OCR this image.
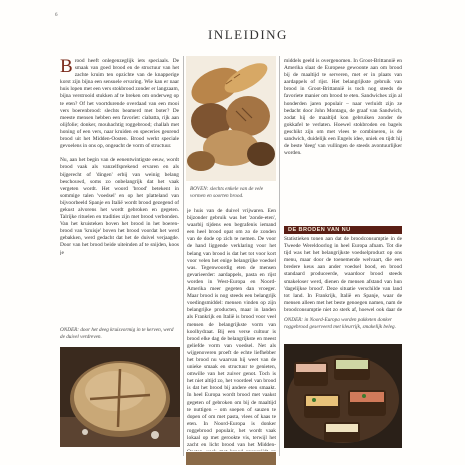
6
INLEIDING
B rood heeft onlegenzeglijk iets speciaals. De smaak van goed brood en de structuur van het zachte kruim ten opzichte van de knapperige korst zijn bijna een sensuele ervaring. Wie kan er naar huis lopen met een vers stokbrood zonder er langzaam, bijna verstrooid stukken af te breken om onderweg op te eten? Of het voortdurende overdaad van een mooi vers boerenbrood: slechts beamerd met boter? De meeste mensen hebben een favoriet: ciabatta, rijk aan olijfolie; donker, mouhachtig roggebrood; challah met honing of een vers, naar kruiden en speceries geurend brood uit het Midden-Oosten. Brood werkt speciale gevoelens in ons op, ongeacht de vorm of structuur.

Nu, aan het begin van de eenentwintigste eeuw, wordt brood vaak als vanzelfsprekend ervaren en als bijgerecht of 'dingen' erbij van weinig belang beschouwd, soms zo onbelangrijk dat het vaak vergeten wordt. Het woord 'brood' betekent in sommige talen 'voedsel' en op het platteland van bijvoorbeeld Spanje en Italië wordt brood gezegend of gekust alvorens het wordt gebroken en gegeten. Talrijke rituelen en tradities zijn met brood verbonden. Van het kruisteken boven het brood in het boeren-brood van 'kruisje' boven het brood voordat het werd gebakken, werd gedacht dat het de duivel verjaagde. Door van het brood beide uiteinden af te snijden, koos je
ONDER: door het deeg kruisvormig in te kerven, werd de duivel verdreven.
BOVEN: slechts enkele van de vele vormen en soorten brood.
je huis van de duivel vrijwaren. Een bijzonder gebruik was het 'zonde-eten', waarbij tijdens een begrafenis iemand een heel brood opat om zo de zonden van de dode op zich te nemen. De voor de hand liggende verklaring voor het belang van brood is dat het tot voor kort voor velen het enige belangrijke voedsel was. Tegenwoordig eten de mensen gevarieerder: aardappels, pasta en rijst worden in West-Europa en Noord-Amerika meer gegeten dan vroeger. Maar brood is nog steeds een belangrijk voedingsmiddel: mensen vinden op zijn belangrijke producten, maar in landen als Frankrijk en Italië is brood voor veel mensen de belangrijkste vorm van koolhydraat. Bij een verse cultuur is brood elke dag de belangrijkste en meest geliefde vorm van voedsel. Net als wijgenoveren proeft de echte liefhebber het brood nu waarvan hij weet van de unieke smaak en structuur te genieten, omwille van het zuiver genot. Toch is het niet altijd zo, het voordeel van brood is dat het brood bij andere eten smaakt. In heel Europa wordt brood met vaakst gegeten of gebroken om bij de maaltijd te nuttigen – om soepen of sauzen te dopen of om met pasta, vlees of kaas te eten. In Noord-Europa is donker roggebrood populair, het wordt vaak lokaal op met gerookte vis, terwijl het zacht en licht brood van het Midden-
middels geeld is overgenomen. In Groot-Brittannië en Amerika slaat de Europese gewoonte aan om brood bij de maaltijd te serveren, met er in plaats van aardappels of rijst. Het belangrijkste gebruik van brood in Groot-Brittannië is toch nog steeds de favoriete manier om brood te eten. Sandwiches zijn al honderden jaren populair – naar verluidt zijn ze bedacht door John Montagu, de graaf van Sandwich, zodat hij de maaltijd kon gebruiken zonder de gokkafel te verlaten. Hoewel stokbroden en bagels geschikt zijn om met vlees te combineren, is de sandwich, duidelijk een Engels idee, uniek en tijdt hij de beste 'deeg' van vullingen de steeds avontuurlijker worden.
DE BRODEN VAN NU
Statistieken tonen aan dat de broodconsumptie in de Tweede Wereldoorlog in heel Europa afnam. Tot die tijd was het het belangrijkste voedselproduct op ons menu, maar door de toenemende welvaart, die een bredere keus aan ander voedsel bood, en brood standaard produceerde, waardoor brood steeds smakeloser werd, dienen de mensen afstand van hun 'dagelijkse brood'. Deze situatie verschilde van land tot land. In Frankrijk, Italië en Spanje, waar de mensen alleen met het beste genoegen namen, nam de broodconsumptie niet zo sterk af, hoewel ook daar de
ONDER: in Noord-Europa worden pakketen donker roggebrood geserveerd met kleurrijk, smakelijk beleg.
